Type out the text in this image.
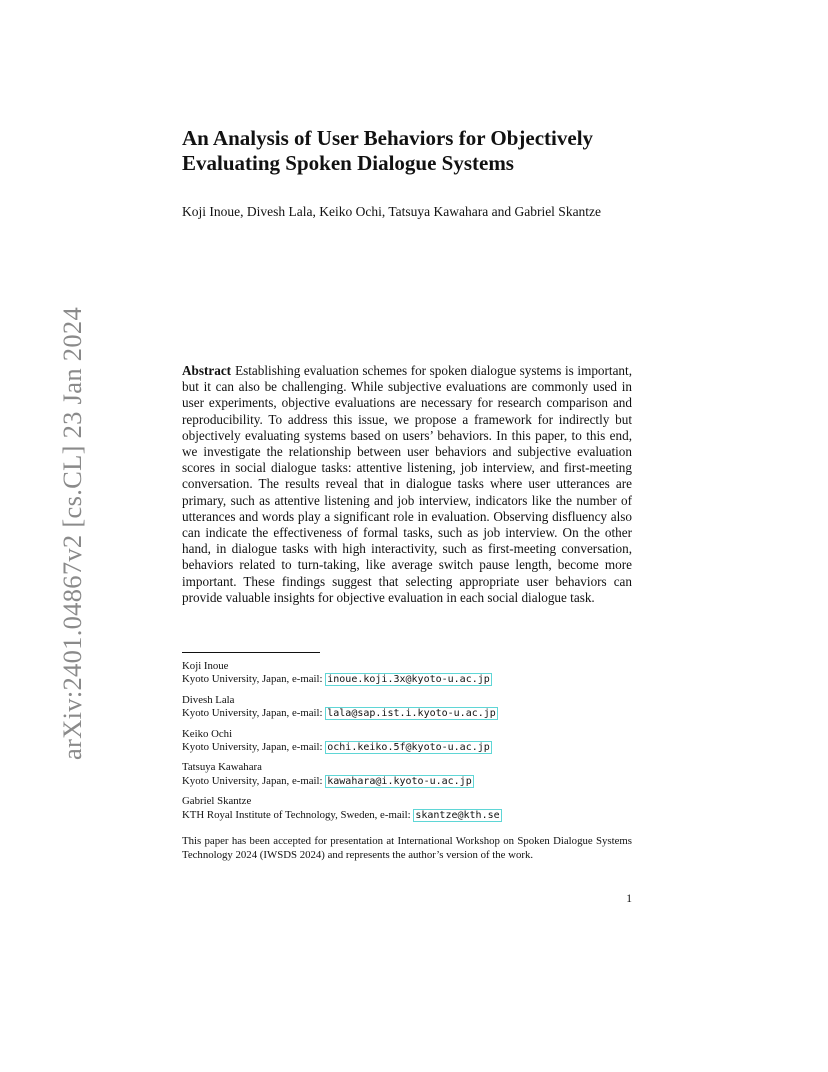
arXiv:2401.04867v2 [cs.CL] 23 Jan 2024
An Analysis of User Behaviors for Objectively Evaluating Spoken Dialogue Systems
Koji Inoue, Divesh Lala, Keiko Ochi, Tatsuya Kawahara and Gabriel Skantze
Abstract Establishing evaluation schemes for spoken dialogue systems is important, but it can also be challenging. While subjective evaluations are commonly used in user experiments, objective evaluations are necessary for research comparison and reproducibility. To address this issue, we propose a framework for indirectly but objectively evaluating systems based on users’ behaviors. In this paper, to this end, we investigate the relationship between user behaviors and subjective evaluation scores in social dialogue tasks: attentive listening, job interview, and first-meeting conversation. The results reveal that in dialogue tasks where user utterances are primary, such as attentive listening and job interview, indicators like the number of utterances and words play a significant role in evaluation. Observing disfluency also can indicate the effectiveness of formal tasks, such as job interview. On the other hand, in dialogue tasks with high interactivity, such as first-meeting conversation, behaviors related to turn-taking, like average switch pause length, become more important. These findings suggest that selecting appropriate user behaviors can provide valuable insights for objective evaluation in each social dialogue task.
Koji Inoue
Kyoto University, Japan, e-mail: inoue.koji.3x@kyoto-u.ac.jp
Divesh Lala
Kyoto University, Japan, e-mail: lala@sap.ist.i.kyoto-u.ac.jp
Keiko Ochi
Kyoto University, Japan, e-mail: ochi.keiko.5f@kyoto-u.ac.jp
Tatsuya Kawahara
Kyoto University, Japan, e-mail: kawahara@i.kyoto-u.ac.jp
Gabriel Skantze
KTH Royal Institute of Technology, Sweden, e-mail: skantze@kth.se
This paper has been accepted for presentation at International Workshop on Spoken Dialogue Systems Technology 2024 (IWSDS 2024) and represents the author’s version of the work.
1
